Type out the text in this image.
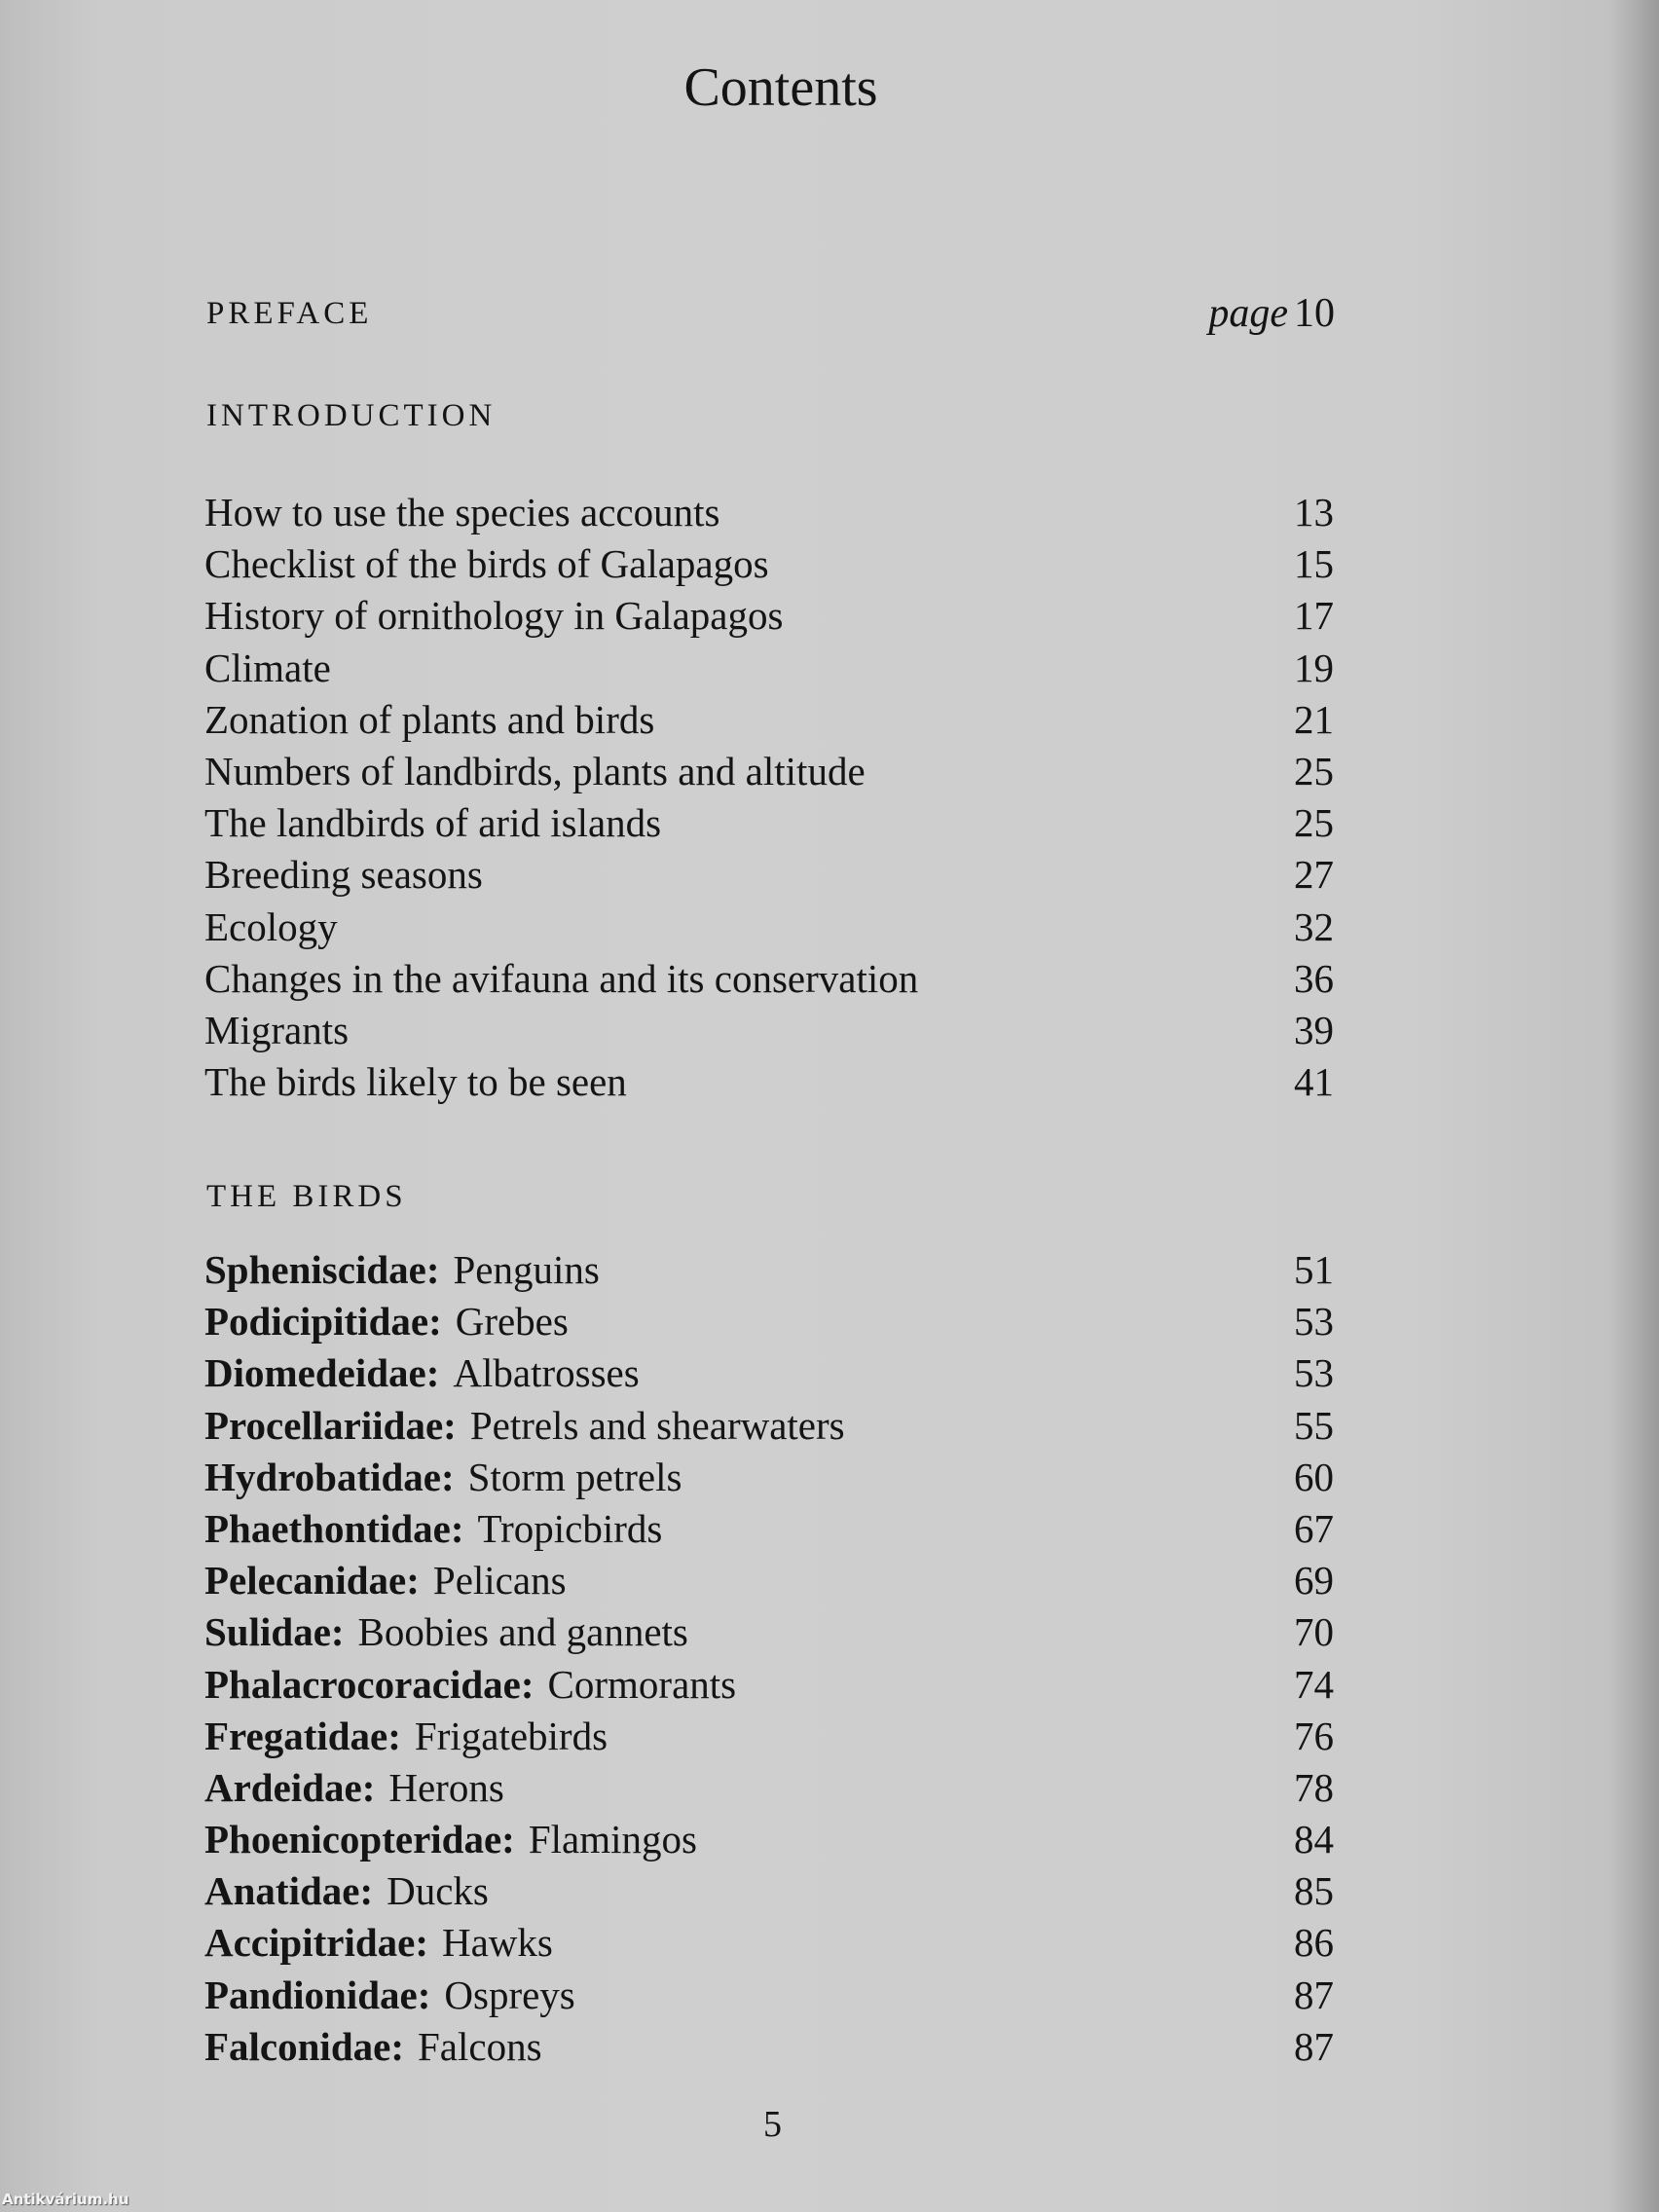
Contents
PREFACE	page 10
INTRODUCTION
How to use the species accounts	13
Checklist of the birds of Galapagos	15
History of ornithology in Galapagos	17
Climate	19
Zonation of plants and birds	21
Numbers of landbirds, plants and altitude	25
The landbirds of arid islands	25
Breeding seasons	27
Ecology	32
Changes in the avifauna and its conservation	36
Migrants	39
The birds likely to be seen	41
THE BIRDS
Spheniscidae: Penguins	51
Podicipitidae: Grebes	53
Diomedeidae: Albatrosses	53
Procellariidae: Petrels and shearwaters	55
Hydrobatidae: Storm petrels	60
Phaethontidae: Tropicbirds	67
Pelecanidae: Pelicans	69
Sulidae: Boobies and gannets	70
Phalacrocoracidae: Cormorants	74
Fregatidae: Frigatebirds	76
Ardeidae: Herons	78
Phoenicopteridae: Flamingos	84
Anatidae: Ducks	85
Accipitridae: Hawks	86
Pandionidae: Ospreys	87
Falconidae: Falcons	87
5
Antikvárium.hu
